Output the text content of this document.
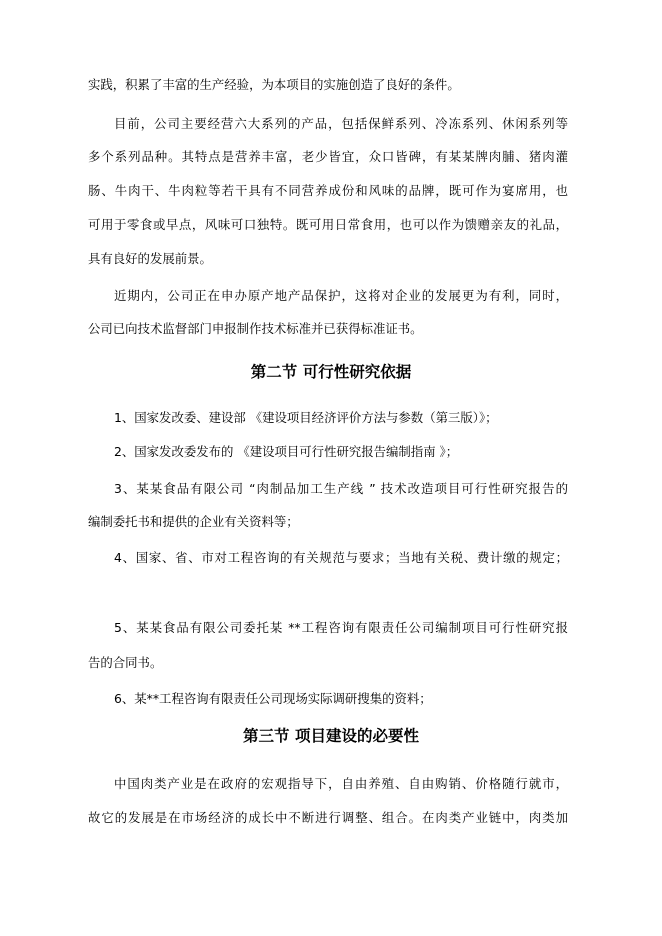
实践，积累了丰富的生产经验，为本项目的实施创造了良好的条件。
目前，公司主要经营六大系列的产品，包括保鲜系列、冷冻系列、休闲系列等
多个系列品种。其特点是营养丰富，老少皆宜，众口皆碑，有某某牌肉脯、猪肉灌
肠、牛肉干、牛肉粒等若干具有不同营养成份和风味的品牌，既可作为宴席用，也
可用于零食或早点，风味可口独特。既可用日常食用，也可以作为馈赠亲友的礼品，
具有良好的发展前景。
近期内，公司正在申办原产地产品保护，这将对企业的发展更为有利，同时，
公司已向技术监督部门申报制作技术标准并已获得标准证书。
第二节 可行性研究依据
1、国家发改委、建设部 《建设项目经济评价方法与参数（第三版）》；
2、国家发改委发布的 《建设项目可行性研究报告编制指南 》；
3、某某食品有限公司 “肉制品加工生产线 ” 技术改造项目可行性研究报告的
编制委托书和提供的企业有关资料等；
4、国家、省、市对工程咨询的有关规范与要求；当地有关税、费计缴的规定；
5、某某食品有限公司委托某 **工程咨询有限责任公司编制项目可行性研究报
告的合同书。
6、某**工程咨询有限责任公司现场实际调研搜集的资料；
第三节 项目建设的必要性
中国肉类产业是在政府的宏观指导下，自由养殖、自由购销、价格随行就市，
故它的发展是在市场经济的成长中不断进行调整、组合。在肉类产业链中，肉类加
